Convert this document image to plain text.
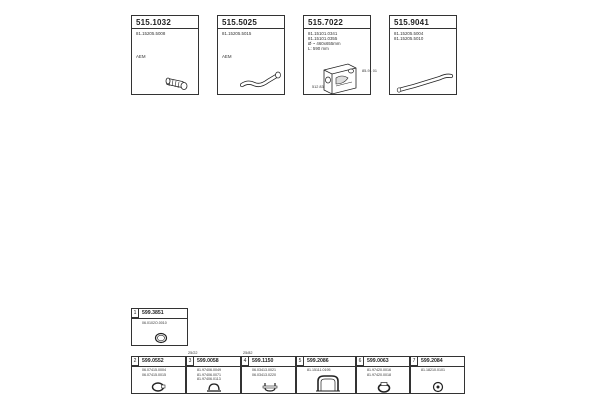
515.1032
81.15205.5008
AEM
515.5025
81.15205.5015
AEM
515.7022
81.15101.0341
81.15101.0355
Ø ~ 460x655mm
L: 590 mm
85-91 01
512 83
515.9041
81.15205.5004
81.15205.5010
1	599.3851
06.0102O.0010
25/22	25/82
2	599.0552
06.07415.0004
06.07415.0015
3	599.0058
81.97406.0049
81.97406.0071
81.97406.0113
4	599.1150
06.03413.0021
06.03413.0220
5	599.2086
81.15111.0195
6	599.0063
81.97420.0016
81.97420.0018
7	599.2084
81.18210.0101
